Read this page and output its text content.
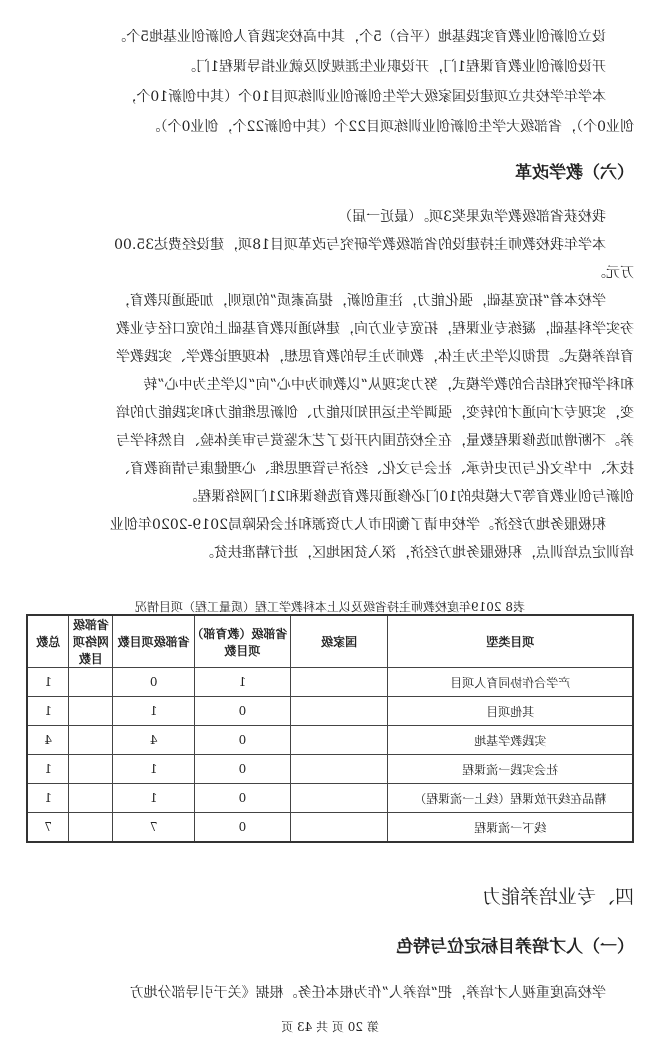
设立创新创业教育实践基地（平台）5个，其中高校实践育人创新创业基地5个。
开设创新创业教育课程1门，开设职业生涯规划及就业指导课程1门。
本学年学校共立项建设国家级大学生创新创业训练项目10个（其中创新10个，
创业0个），省部级大学生创新创业训练项目22个（其中创新22个，创业0个）。
（六）教学改革
我校获省部级教学成果奖3项。（最近一届）
本学年我校教师主持建设的省部级教学研究与改革项目18项，建设经费达35.00
万元。
学校本着“拓宽基础，强化能力，注重创新，提高素质”的原则，加强通识教育，
夯实学科基础，凝练专业课程，拓宽专业方向，建构通识教育基础上的宽口径专业教
育培养模式。贯彻以学生为主体，教师为主导的教育思想，体现理论教学、实践教学
和科学研究相结合的教学模式，努力实现从“以教师为中心”向“以学生为中心”转
变，实现专才向通才的转变，强调学生运用知识能力、创新思维能力和实践能力的培
养。不断增加选修课程数量，在全校范围内开设了艺术鉴赏与审美体验、自然科学与
技术、中华文化与历史传承、社会与文化、经济与管理思维、心理健康与情商教育、
创新与创业教育等7大模块的10门必修通识教育选修课和21门网络课程。
积极服务地方经济。学校申请了衡阳市人力资源和社会保障局2019-2020年创业
培训定点培训点，积极服务地方经济，深入贫困地区，进行精准扶贫。
表8 2019年度校教师主持省级及以上本科教学工程（质量工程）项目情况
项目类型	国家级	省部级（教育部）项目数	省部级项目数	省部级网络项目数	总数
产学合作协同育人项目		1	0		1
其他项目		0	1		1
实践教学基地		0	4		4
社会实践一流课程		0	1		1
精品在线开放课程（线上一流课程）		0	1		1
线下一流课程		0	7		7
四、专业培养能力
（一）人才培养目标定位与特色
学校高度重视人才培养，把“培养人”作为根本任务。根据《关于引导部分地方
第 20 页 共 43 页
